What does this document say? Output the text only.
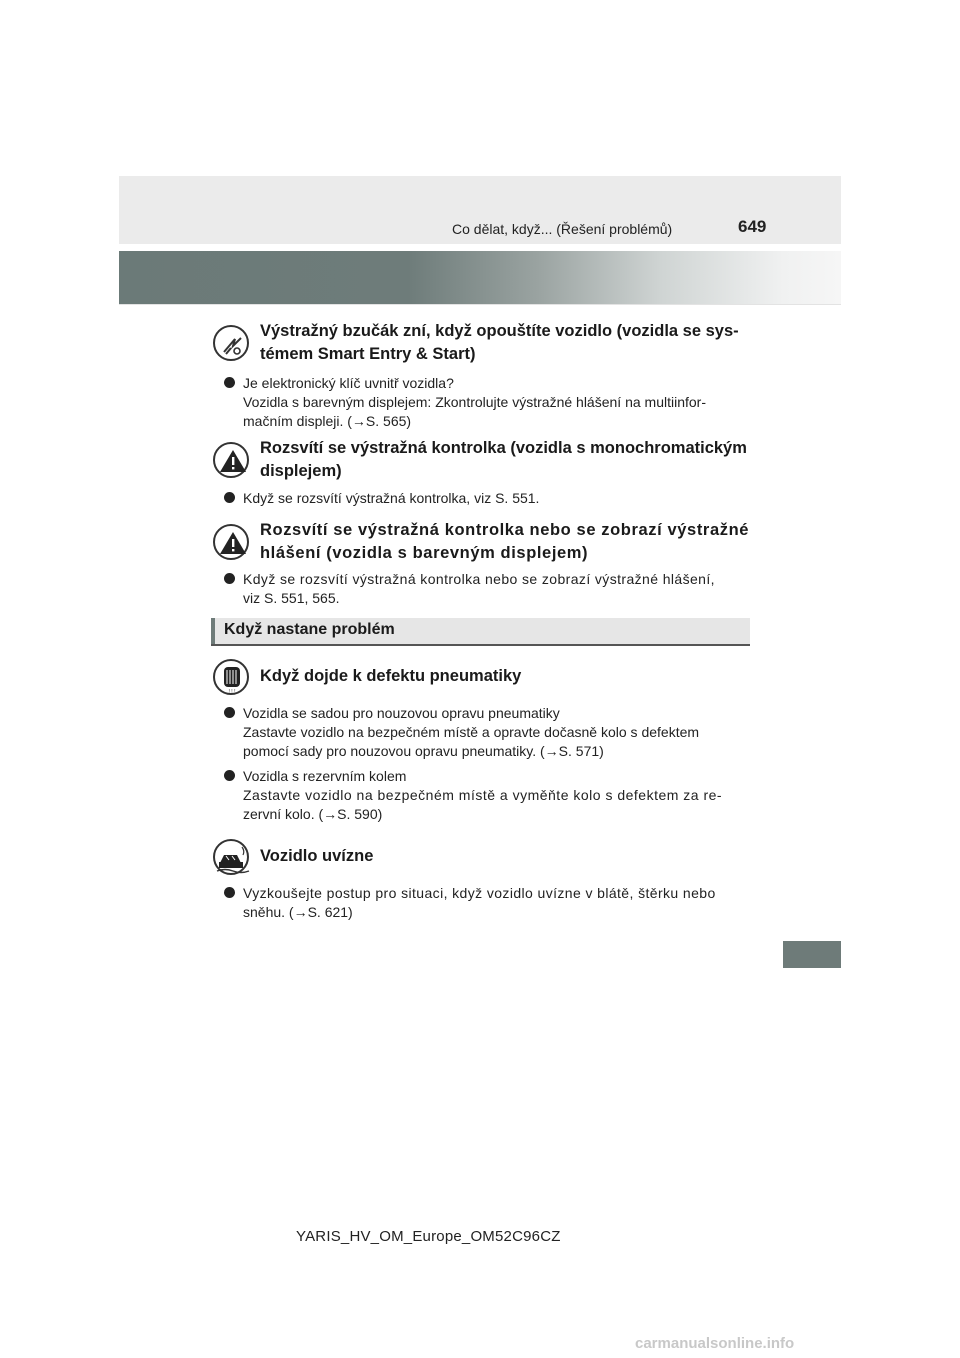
Co dělat, když... (Řešení problémů)	649
Výstražný bzučák zní, když opouštíte vozidlo (vozidla se sys-
témem Smart Entry & Start)
Je elektronický klíč uvnitř vozidla?
Vozidla s barevným displejem: Zkontrolujte výstražné hlášení na multiinfor-
mačním displeji. (→S. 565)
Rozsvítí se výstražná kontrolka (vozidla s monochromatickým
displejem)
Když se rozsvítí výstražná kontrolka, viz S. 551.
Rozsvítí se výstražná kontrolka nebo se zobrazí výstražné
hlášení (vozidla s barevným displejem)
Když se rozsvítí výstražná kontrolka nebo se zobrazí výstražné hlášení,
viz S. 551, 565.
Když nastane problém
! ! !
Když dojde k defektu pneumatiky
Vozidla se sadou pro nouzovou opravu pneumatiky
Zastavte vozidlo na bezpečném místě a opravte dočasně kolo s defektem
pomocí sady pro nouzovou opravu pneumatiky. (→S. 571)
Vozidla s rezervním kolem
Zastavte vozidlo na bezpečném místě a vyměňte kolo s defektem za re-
zervní kolo. (→S. 590)
Vozidlo uvízne
Vyzkoušejte postup pro situaci, když vozidlo uvízne v blátě, štěrku nebo
sněhu. (→S. 621)
YARIS_HV_OM_Europe_OM52C96CZ
carmanualsonline.info
